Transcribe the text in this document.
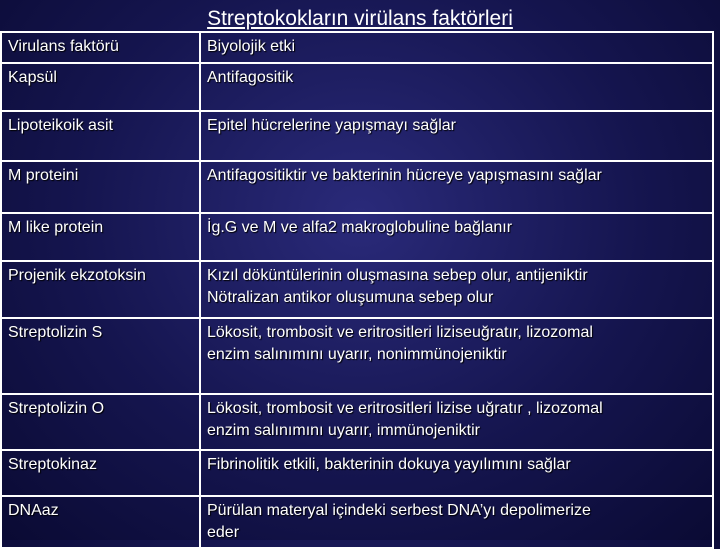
Streptokokların virülans faktörleri
Virulans faktörü	Biyolojik etki
Kapsül	Antifagositik

Lipoteikoik asit	Epitel hücrelerine yapışmayı sağlar

M proteini	Antifagositiktir ve bakterinin hücreye yapışmasını sağlar

M like protein	İg.G ve M ve alfa2 makroglobuline bağlanır

Projenik ekzotoksin	Kızıl döküntülerinin oluşmasına sebep olur, antijeniktir
Nötralizan antikor oluşumuna sebep olur

Streptolizin S	Lökosit, trombosit ve eritrositleri liziseuğratır, lizozomal
enzim salınımını uyarır, nonimmünojeniktir

Streptolizin O	Lökosit, trombosit ve eritrositleri lizise uğratır , lizozomal
enzim salınımını uyarır, immünojeniktir

Streptokinaz	Fibrinolitik etkili, bakterinin dokuya yayılımını sağlar

DNAaz	Pürülan materyal içindeki serbest DNA’yı depolimerize
eder
